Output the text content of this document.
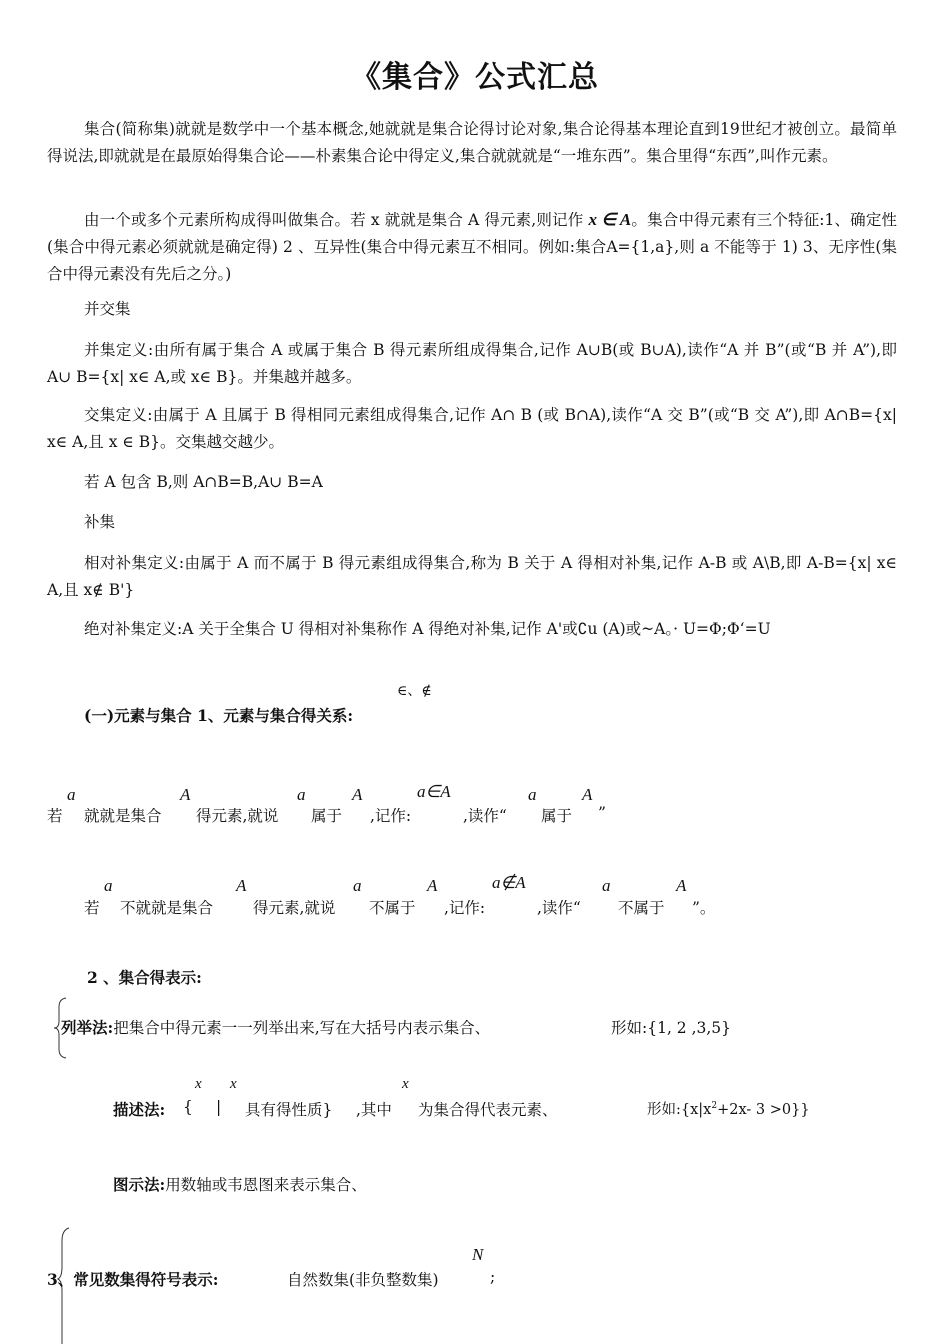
《集合》公式汇总
集合(简称集)就就是数学中一个基本概念,她就就是集合论得讨论对象,集合论得基本理论直到19世纪才被创立。最简单得说法,即就就是在最原始得集合论——朴素集合论中得定义,集合就就就是“一堆东西”。集合里得“东西”,叫作元素。
由一个或多个元素所构成得叫做集合。若 x 就就是集合 A 得元素,则记作 x ∈ A。集合中得元素有三个特征:1、确定性(集合中得元素必须就就是确定得) 2 、互异性(集合中得元素互不相同。例如:集合A={1,a},则 a 不能等于 1) 3、无序性(集合中得元素没有先后之分。)
并交集
并集定义:由所有属于集合 A 或属于集合 B 得元素所组成得集合,记作 A∪B(或 B∪A),读作“A 并 B”(或“B 并 A”),即 A∪ B={x| x∈ A,或 x∈ B}。并集越并越多。
交集定义:由属于 A 且属于 B 得相同元素组成得集合,记作 A∩ B (或 B∩A),读作“A 交 B”(或“B 交 A”),即 A∩B={x| x∈ A,且 x ∈ B}。交集越交越少。
若 A 包含 B,则 A∩B=B,A∪ B=A
补集
相对补集定义:由属于 A 而不属于 B 得元素组成得集合,称为 B 关于 A 得相对补集,记作 A-B 或 A\B,即 A-B={x| x∈ A,且 x∉ B'}
绝对补集定义:A 关于全集合 U 得相对补集称作 A 得绝对补集,记作 A'或∁u (A)或~A。· U=Φ;Φ‘=U
∈、∉
(一)元素与集合 1、元素与集合得关系:
若
a
就就是集合
A
得元素,就说
a
属于
A
,记作:
a∈A
,读作“
a
属于
A
”
若
a
不就就是集合
A
得元素,就说
a
不属于
A
,记作:
a∉A
,读作“
a
不属于
A
”。
2 、集合得表示:
列举法:把集合中得元素一一列举出来,写在大括号内表示集合、	形如:{1, 2 ,3,5}
描述法: {
x
|
x
具有得性质} ,其中
x
为集合得代表元素、	形如$:\{x|x^2+2x-$ 3 >0}}
图示法:用数轴或韦恩图来表示集合、
3、常见数集得符号表示:	自然数集(非负整数集)
N
;
